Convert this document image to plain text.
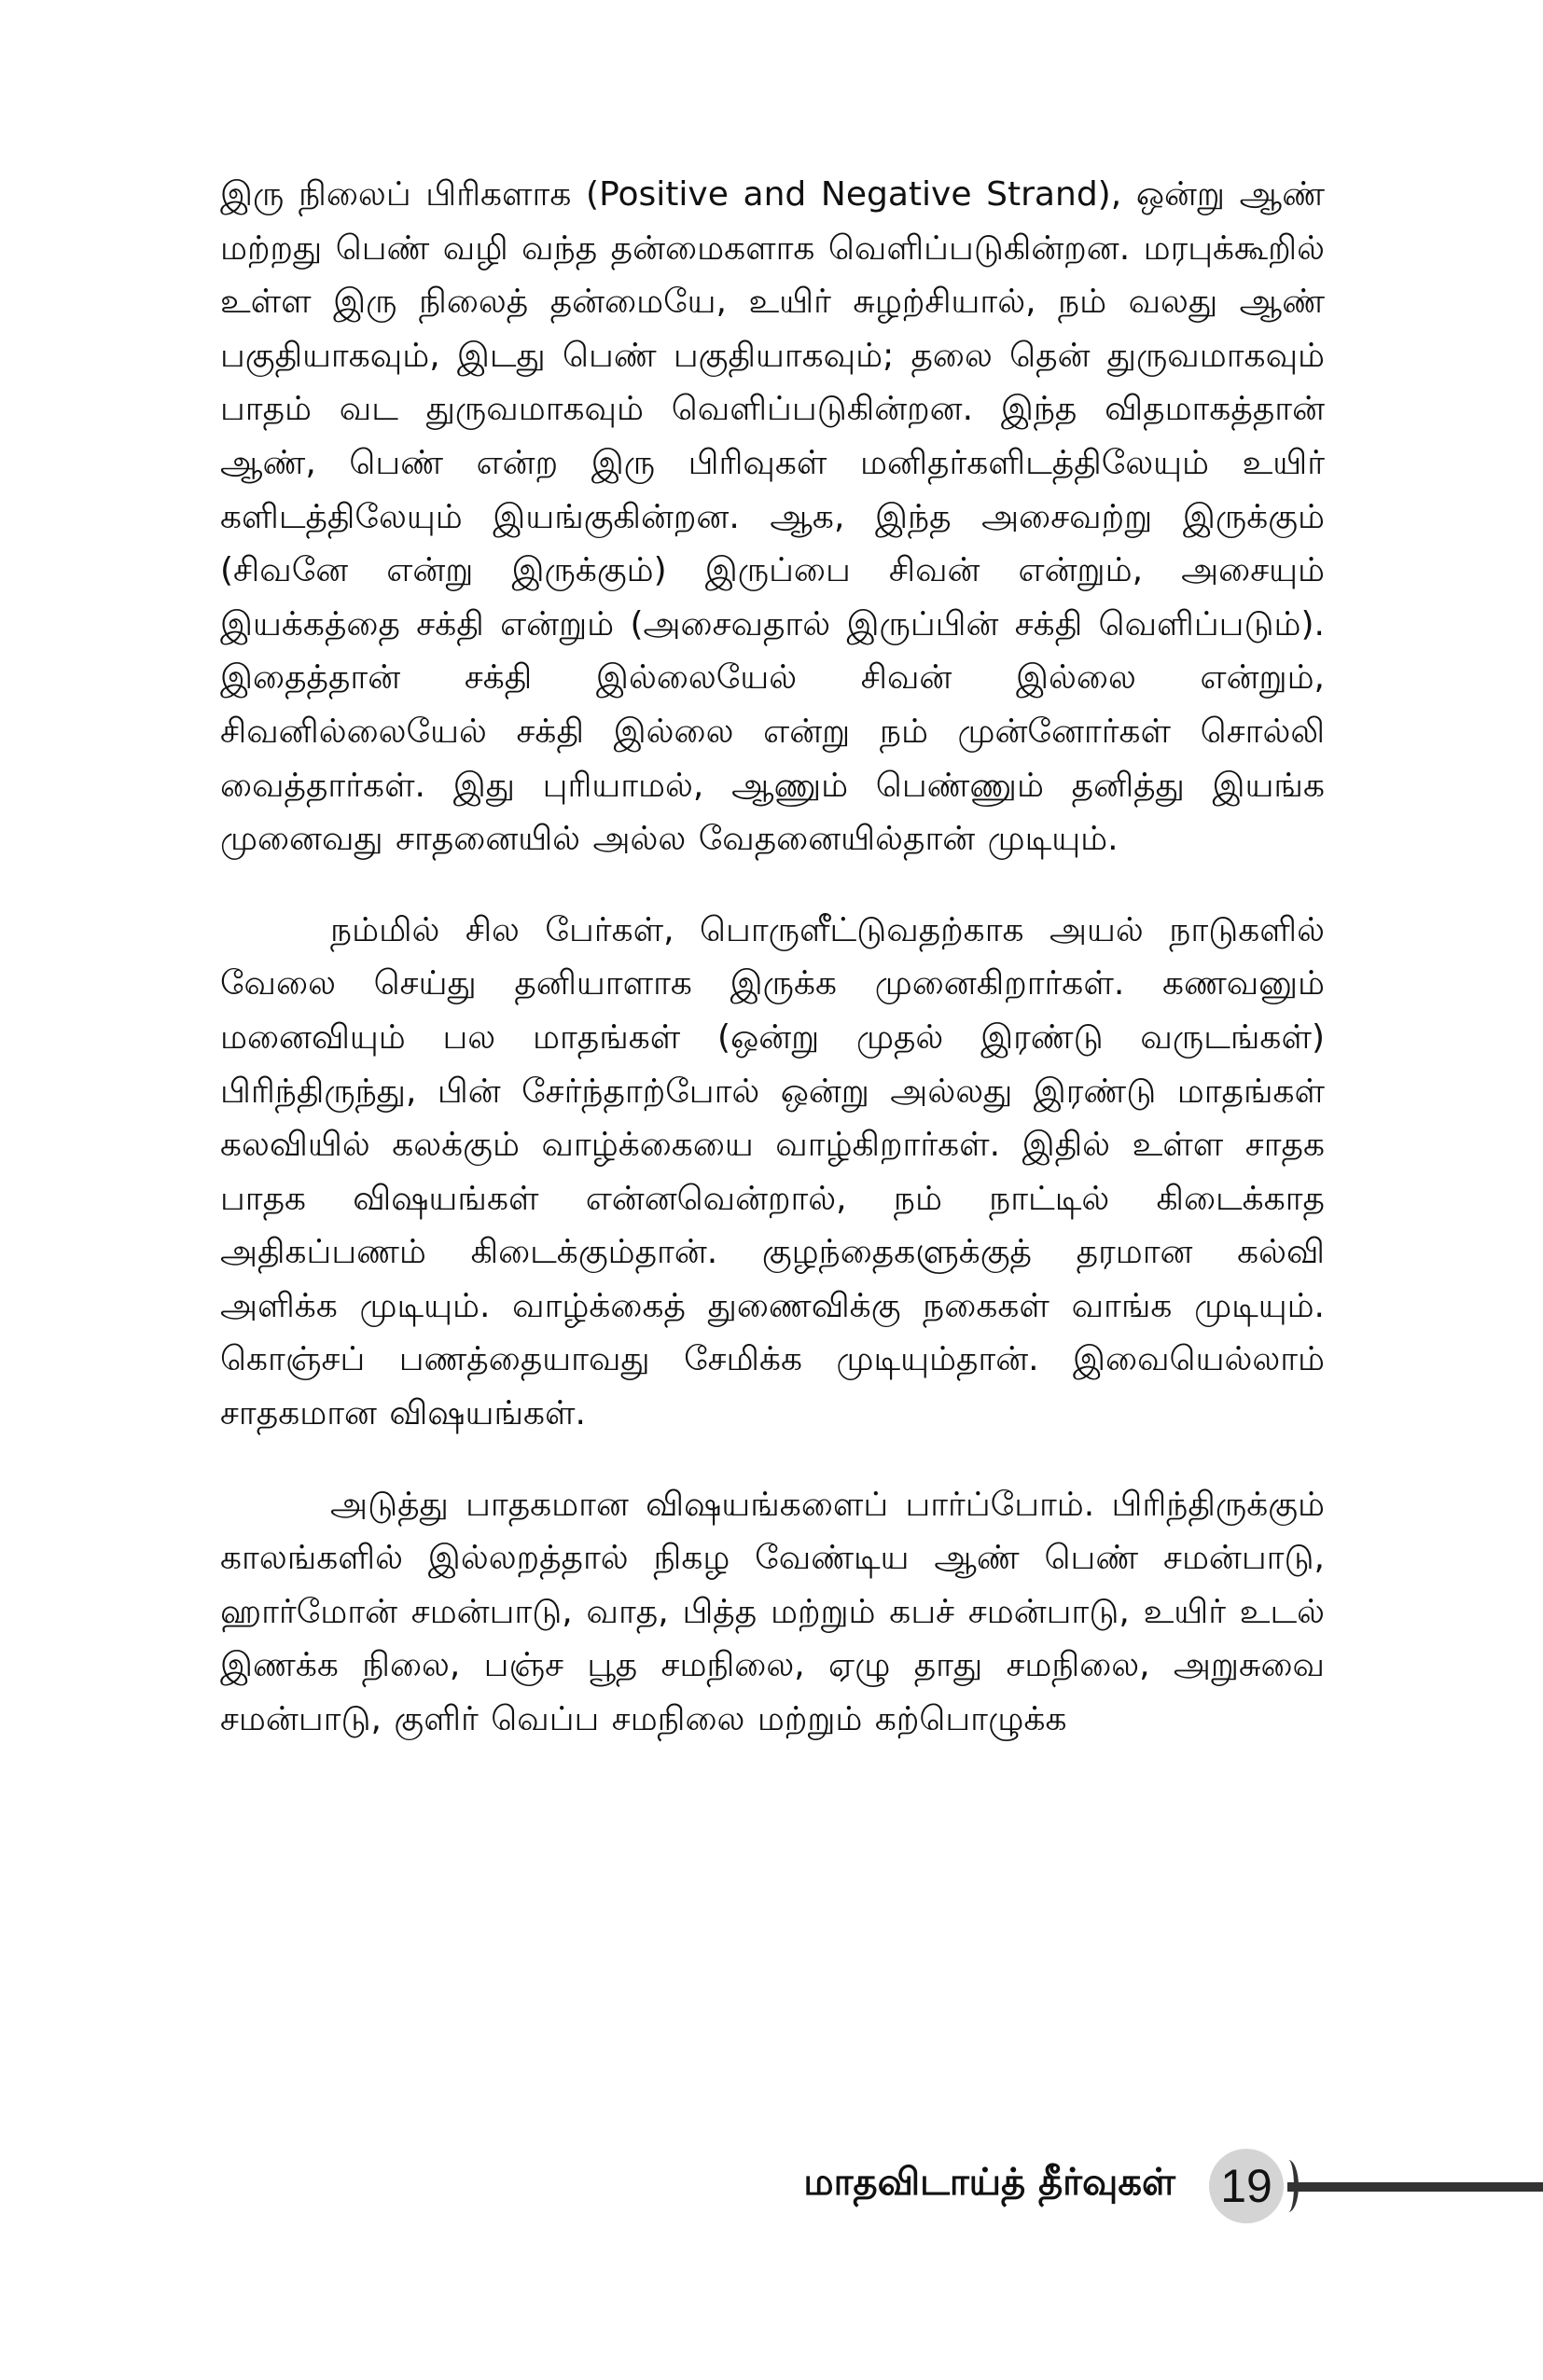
இரு நிலைப் பிரிகளாக (Positive and Negative Strand), ஒன்று ஆண் மற்றது பெண் வழி வந்த தன்மைகளாக வெளிப்படுகின்றன. மரபுக்கூறில் உள்ள இரு நிலைத் தன்மையே, உயிர் சுழற்சியால், நம் வலது ஆண் பகுதியாகவும், இடது பெண் பகுதியாகவும்; தலை தென் துருவமாகவும் பாதம் வட துருவமாகவும் வெளிப்படுகின்றன. இந்த விதமாகத்தான் ஆண், பெண் என்ற இரு பிரிவுகள் மனிதர்களிடத்திலேயும் உயிர் களிடத்திலேயும் இயங்குகின்றன. ஆக, இந்த அசைவற்று இருக்கும் (சிவனே என்று இருக்கும்) இருப்பை சிவன் என்றும், அசையும் இயக்கத்தை சக்தி என்றும் (அசைவதால் இருப்பின் சக்தி வெளிப்படும்). இதைத்தான் சக்தி இல்லையேல் சிவன் இல்லை என்றும், சிவனில்லையேல் சக்தி இல்லை என்று நம் முன்னோர்கள் சொல்லி வைத்தார்கள். இது புரியாமல், ஆணும் பெண்ணும் தனித்து இயங்க முனைவது சாதனையில் அல்ல வேதனையில்தான் முடியும்.

நம்மில் சில பேர்கள், பொருளீட்டுவதற்காக அயல் நாடுகளில் வேலை செய்து தனியாளாக இருக்க முனைகிறார்கள். கணவனும் மனைவியும் பல மாதங்கள் (ஒன்று முதல் இரண்டு வருடங்கள்) பிரிந்திருந்து, பின் சேர்ந்தாற்போல் ஒன்று அல்லது இரண்டு மாதங்கள் கலவியில் கலக்கும் வாழ்க்கையை வாழ்கிறார்கள். இதில் உள்ள சாதக பாதக விஷயங்கள் என்னவென்றால், நம் நாட்டில் கிடைக்காத அதிகப்பணம் கிடைக்கும்தான். குழந்தைகளுக்குத் தரமான கல்வி அளிக்க முடியும். வாழ்க்கைத் துணைவிக்கு நகைகள் வாங்க முடியும். கொஞ்சப் பணத்தையாவது சேமிக்க முடியும்தான். இவையெல்லாம் சாதகமான விஷயங்கள்.

அடுத்து பாதகமான விஷயங்களைப் பார்ப்போம். பிரிந்திருக்கும் காலங்களில் இல்லறத்தால் நிகழ வேண்டிய ஆண் பெண் சமன்பாடு, ஹார்மோன் சமன்பாடு, வாத, பித்த மற்றும் கபச் சமன்பாடு, உயிர் உடல் இணக்க நிலை, பஞ்ச பூத சமநிலை, ஏழு தாது சமநிலை, அறுசுவை சமன்பாடு, குளிர் வெப்ப சமநிலை மற்றும் கற்பொழுக்க

மாதவிடாய்த் தீர்வுகள் 19
